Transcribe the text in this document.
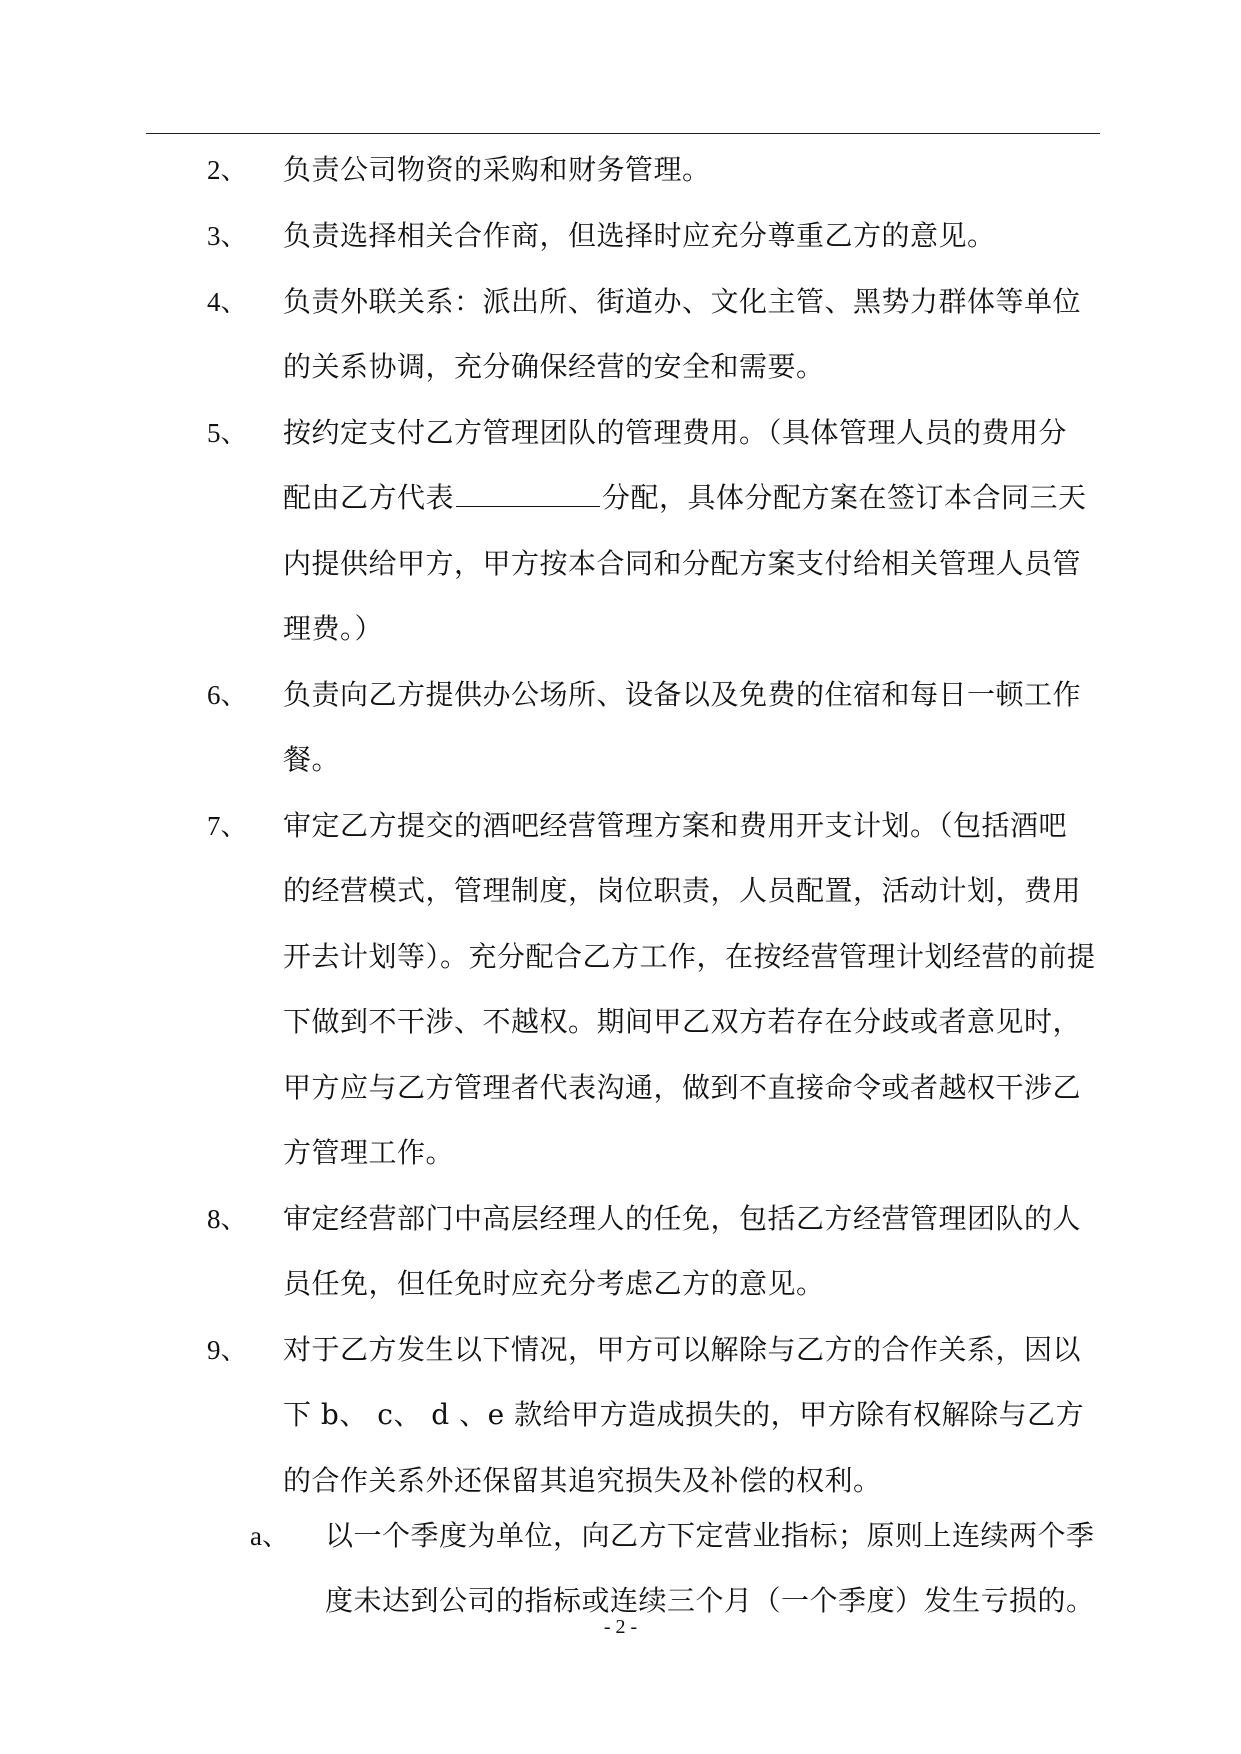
2、 负责公司物资的采购和财务管理。
3、 负责选择相关合作商，但选择时应充分尊重乙方的意见。
4、 负责外联关系：派出所、街道办、文化主管、黑势力群体等单位
的关系协调，充分确保经营的安全和需要。
5、 按约定支付乙方管理团队的管理费用。（具体管理人员的费用分
配由乙方代表	分配，具体分配方案在签订本合同三天
内提供给甲方，甲方按本合同和分配方案支付给相关管理人员管
理费。）
6、 负责向乙方提供办公场所、设备以及免费的住宿和每日一顿工作
餐。
7、 审定乙方提交的酒吧经营管理方案和费用开支计划。（包括酒吧
的经营模式，管理制度，岗位职责，人员配置，活动计划，费用
开去计划等）。充分配合乙方工作，在按经营管理计划经营的前提
下做到不干涉、不越权。期间甲乙双方若存在分歧或者意见时，
甲方应与乙方管理者代表沟通，做到不直接命令或者越权干涉乙
方管理工作。
8、 审定经营部门中高层经理人的任免，包括乙方经营管理团队的人
员任免，但任免时应充分考虑乙方的意见。
9、 对于乙方发生以下情况，甲方可以解除与乙方的合作关系，因以
下 b、 c、 d 、e 款给甲方造成损失的，甲方除有权解除与乙方
的合作关系外还保留其追究损失及补偿的权利。
a、 以一个季度为单位，向乙方下定营业指标；原则上连续两个季
度未达到公司的指标或连续三个月（一个季度）发生亏损的。
- 2 -
